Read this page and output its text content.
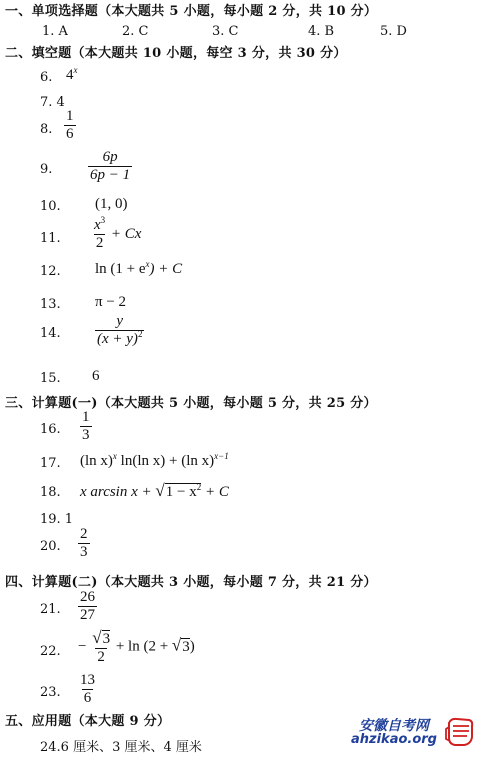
一、单项选择题（本大题共 5 小题，每小题 2 分，共 10 分）
1. A	2. C	3. C	4. B	5. D
二、填空题（本大题共 10 小题，每空 3 分，共 30 分）
6. 4$^x$
7. 4
8. $\frac{1}{6}$
9. $\frac{6p}{6p - 1}$
10. (1, 0)
11. $\frac{x^3}{2} + Cx$
12. $\ln (1 + e^x) + C$
13. π − 2
14. $\frac{y}{(x + y)^2}$
15. 6
三、计算题(一)（本大题共 5 小题，每小题 5 分，共 25 分）
16. $\frac{1}{3}$
17. (ln x)$^x$ ln(ln x) + (ln x)$^{x-1}$
18. x $\arcsin x + √1 - x^2 + C$
19. 1
20. $\frac{2}{3}$
四、计算题(二)（本大题共 3 小题，每小题 7 分，共 21 分）
21. $\frac{26}{27}$
22. − $\frac{√3}{2} + \ln (2 + √3)$
23. $\frac{13}{6}$
五、应用题（本大题 9 分）
24.6 厘米、3 厘米、4 厘米
安徽自考网
ahzikao.org
